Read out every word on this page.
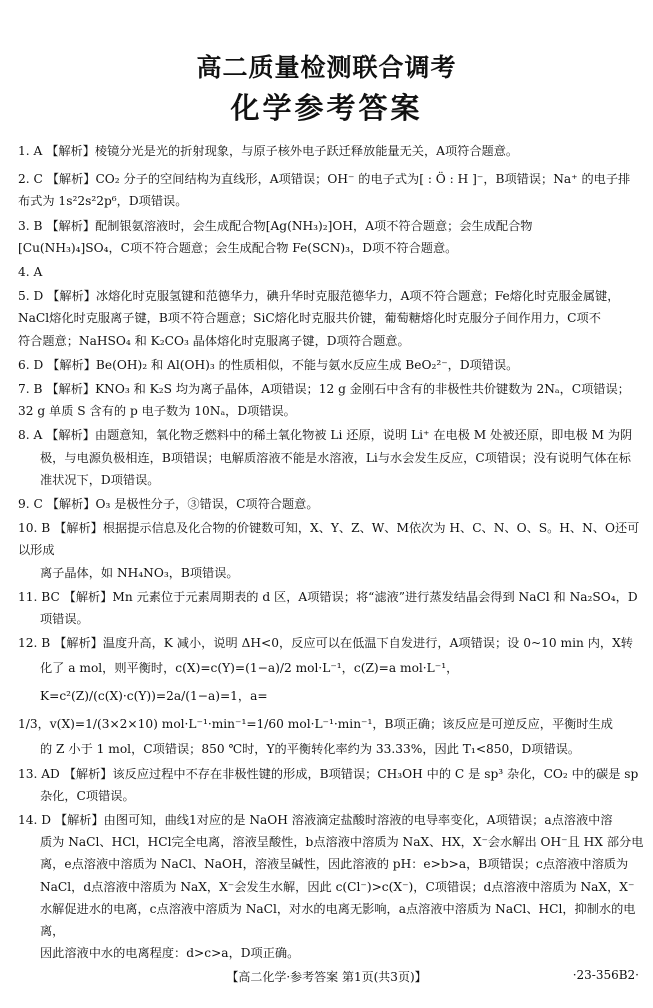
高二质量检测联合调考
化学参考答案
1. A 【解析】棱镜分光是光的折射现象，与原子核外电子跃迁释放能量无关，A项符合题意。
2. C 【解析】CO₂ 分子的空间结构为直线形，A项错误；OH⁻ 的电子式为[ : Ö : H ]⁻，B项错误；Na⁺ 的电子排
布式为 1s²2s²2p⁶，D项错误。
3. B 【解析】配制银氨溶液时，会生成配合物[Ag(NH₃)₂]OH，A项不符合题意；会生成配合物
[Cu(NH₃)₄]SO₄，C项不符合题意；会生成配合物 Fe(SCN)₃，D项不符合题意。
4. A
5. D 【解析】冰熔化时克服氢键和范德华力，碘升华时克服范德华力，A项不符合题意；Fe熔化时克服金属键，
NaCl熔化时克服离子键，B项不符合题意；SiC熔化时克服共价键，葡萄糖熔化时克服分子间作用力，C项不
符合题意；NaHSO₄ 和 K₂CO₃ 晶体熔化时克服离子键，D项符合题意。
6. D 【解析】Be(OH)₂ 和 Al(OH)₃ 的性质相似，不能与氨水反应生成 BeO₂²⁻，D项错误。
7. B 【解析】KNO₃ 和 K₂S 均为离子晶体，A项错误；12 g 金刚石中含有的非极性共价键数为 2Nₐ，C项错误；
32 g 单质 S 含有的 p 电子数为 10Nₐ，D项错误。
8. A 【解析】由题意知，氧化物乏燃料中的稀土氧化物被 Li 还原，说明 Li⁺ 在电极 M 处被还原，即电极 M 为阴
极，与电源负极相连，B项错误；电解质溶液不能是水溶液，Li与水会发生反应，C项错误；没有说明气体在标
准状况下，D项错误。
9. C 【解析】O₃ 是极性分子，③错误，C项符合题意。
10. B 【解析】根据提示信息及化合物的价键数可知，X、Y、Z、W、M依次为 H、C、N、O、S。H、N、O还可以形成
离子晶体，如 NH₄NO₃，B项错误。
11. BC 【解析】Mn 元素位于元素周期表的 d 区，A项错误；将“滤液”进行蒸发结晶会得到 NaCl 和 Na₂SO₄，D
项错误。
12. B 【解析】温度升高，K 减小，说明 ΔH<0，反应可以在低温下自发进行，A项错误；设 0~10 min 内，X转
化了 a mol，则平衡时，c(X)=c(Y)=(1−a)/2 mol·L⁻¹，c(Z)=a mol·L⁻¹，K=c²(Z)/(c(X)·c(Y))=2a/(1−a)=1，a=
1/3，v(X)=1/(3×2×10) mol·L⁻¹·min⁻¹=1/60 mol·L⁻¹·min⁻¹，B项正确；该反应是可逆反应，平衡时生成
的 Z 小于 1 mol，C项错误；850 ℃时，Y的平衡转化率约为 33.33%，因此 T₁<850，D项错误。
13. AD 【解析】该反应过程中不存在非极性键的形成，B项错误；CH₃OH 中的 C 是 sp³ 杂化，CO₂ 中的碳是 sp
杂化，C项错误。
14. D 【解析】由图可知，曲线1对应的是 NaOH 溶液滴定盐酸时溶液的电导率变化，A项错误；a点溶液中溶
质为 NaCl、HCl，HCl完全电离，溶液呈酸性，b点溶液中溶质为 NaX、HX，X⁻会水解出 OH⁻且 HX 部分电
离，e点溶液中溶质为 NaCl、NaOH，溶液呈碱性，因此溶液的 pH：e>b>a，B项错误；c点溶液中溶质为
NaCl，d点溶液中溶质为 NaX，X⁻会发生水解，因此 c(Cl⁻)>c(X⁻)，C项错误；d点溶液中溶质为 NaX，X⁻
水解促进水的电离，c点溶液中溶质为 NaCl，对水的电离无影响，a点溶液中溶质为 NaCl、HCl，抑制水的电离，
因此溶液中水的电离程度：d>c>a，D项正确。
【高二化学·参考答案 第1页(共3页)】	·23-356B2·
